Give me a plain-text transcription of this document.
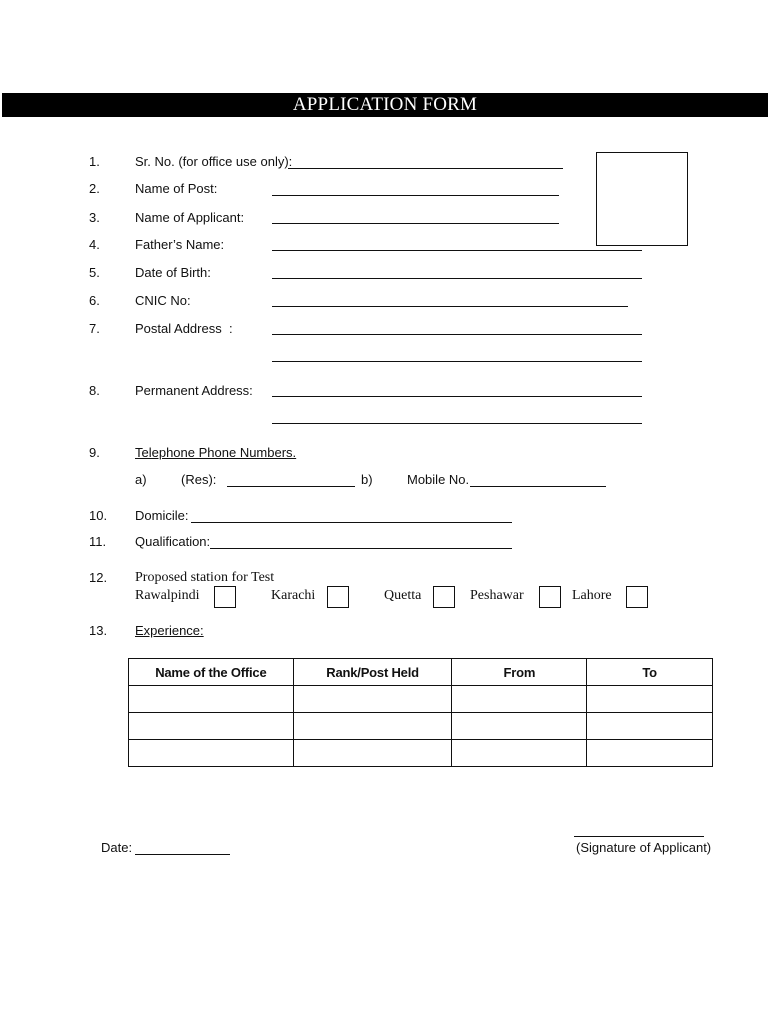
APPLICATION FORM
1.	Sr. No. (for office use only):
2.	Name of Post:
3.	Name of Applicant:
4.	Father’s Name:
5.	Date of Birth:
6.	CNIC No:
7.	Postal Address  :
8.	Permanent Address:
9.	Telephone Phone Numbers.
a)	(Res):	b)	Mobile No.
10. Domicile:
11. Qualification:
12. Proposed station for Test
Rawalpindi	Karachi	Quetta	Peshawar	Lahore
13. Experience:
Name of the Office	Rank/Post Held	From	To

Date:	(Signature of Applicant)
